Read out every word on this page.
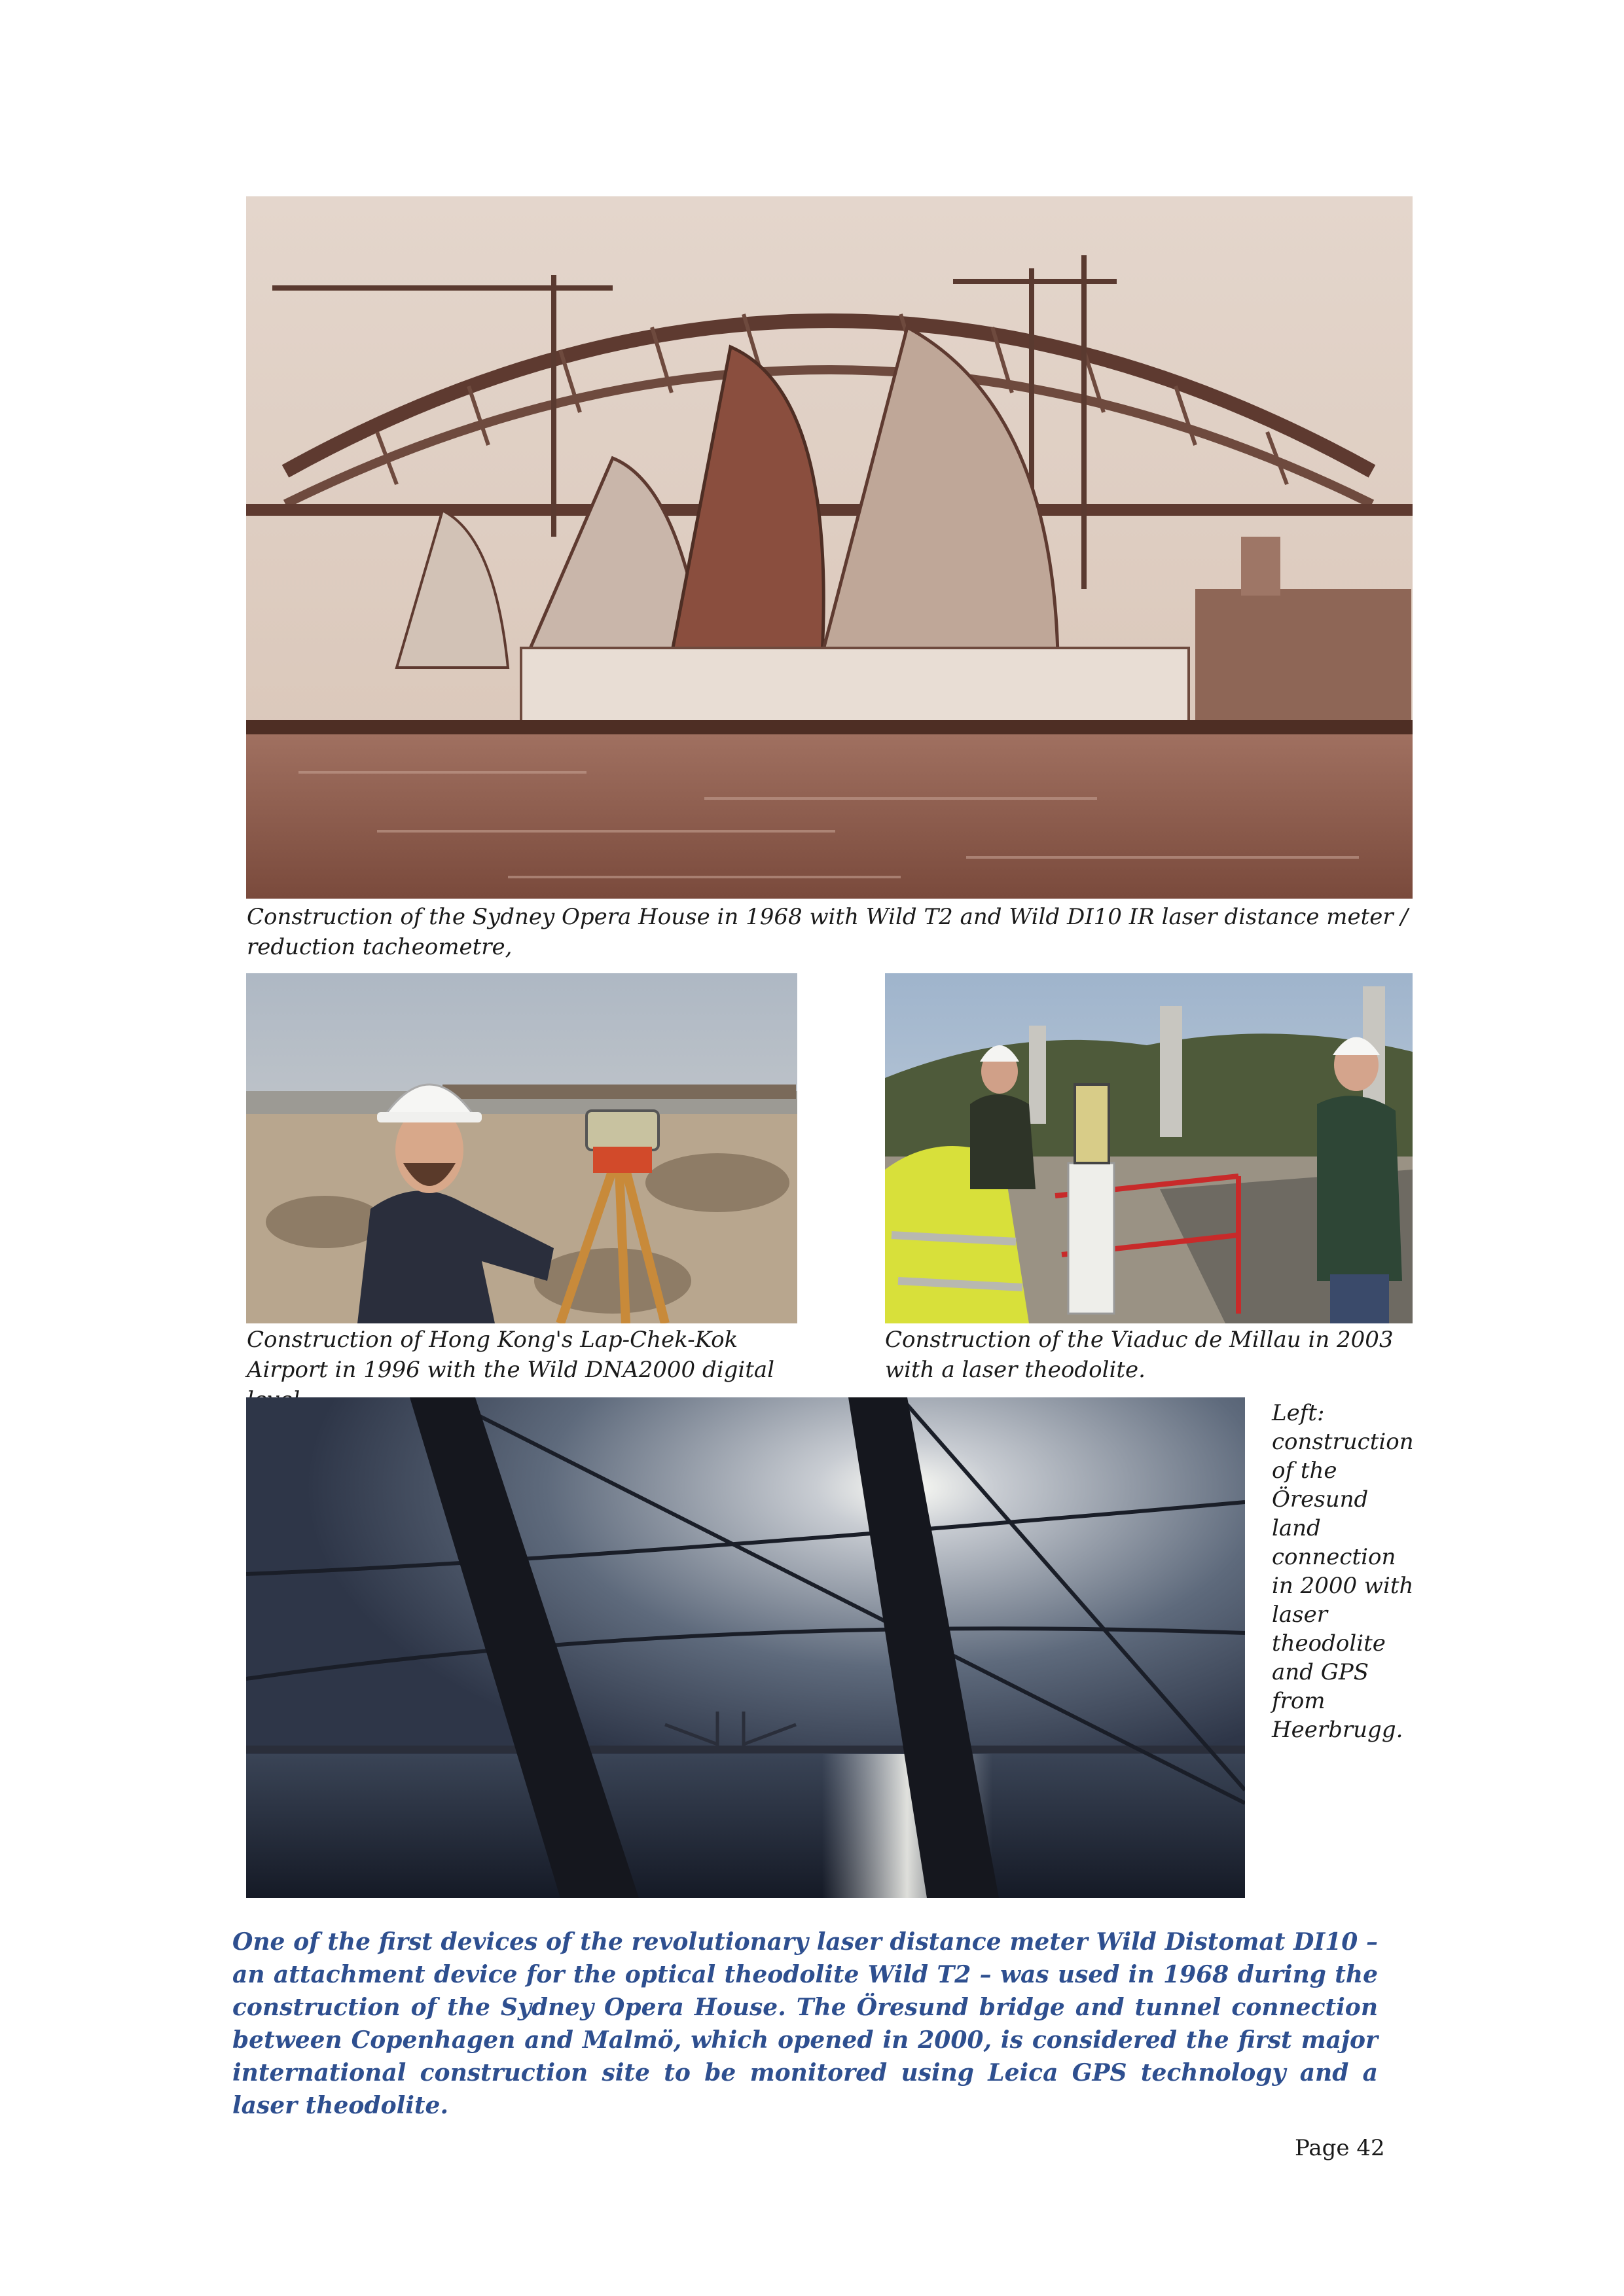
Construction of the Sydney Opera House in 1968 with Wild T2 and Wild DI10 IR laser distance meter / reduction tacheometre,

Construction of Hong Kong's Lap-Chek-Kok Airport in 1996 with the Wild DNA2000 digital

Construction of the Viaduc de Millau in 2003 with a laser theodolite.

Left: construction of the Öresund land connection in 2000 with laser theodolite and GPS from Heerbrugg.

One of the first devices of the revolutionary laser distance meter Wild Distomat DI10 – an attachment device for the optical theodolite Wild T2 – was used in 1968 during the construction of the Sydney Opera House. The Öresund bridge and tunnel connection between Copenhagen and Malmö, which opened in 2000, is considered the first major international construction site to be monitored using Leica GPS technology and a laser theodolite.

Page 42
